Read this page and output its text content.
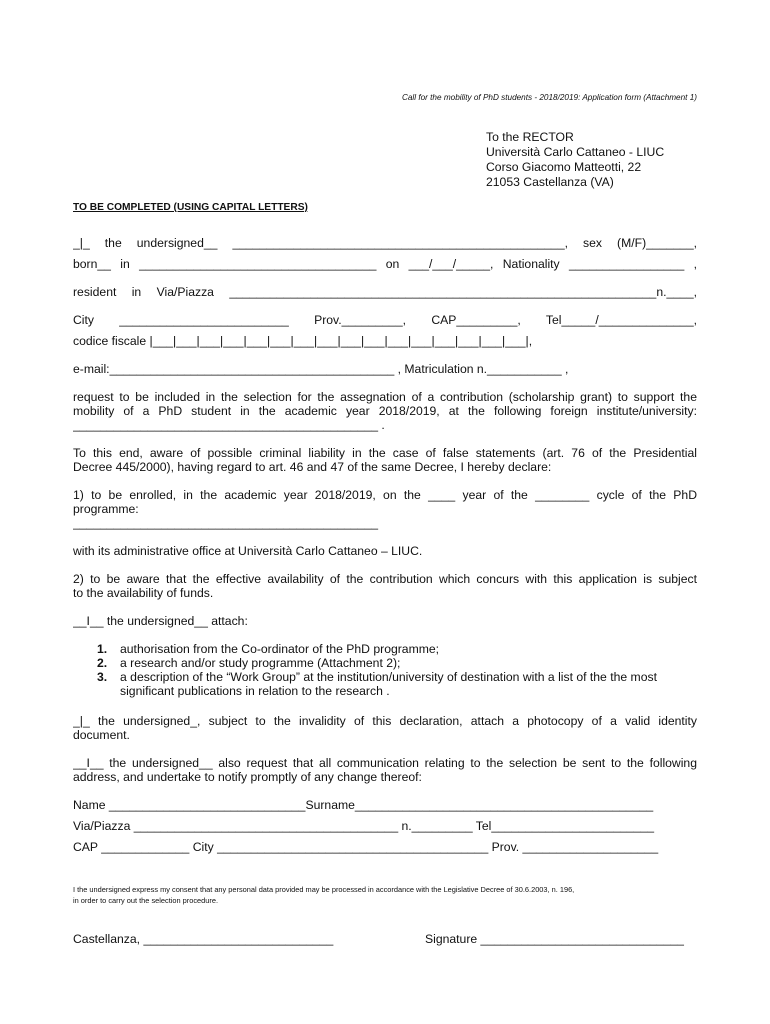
Call for the mobility of PhD students - 2018/2019: Application form (Attachment 1)
To the RECTOR
Università Carlo Cattaneo - LIUC
Corso Giacomo Matteotti, 22
21053 Castellanza (VA)
TO BE COMPLETED (USING CAPITAL LETTERS)
_|_ the undersigned__ _________________________________________________, sex (M/F)_______,
born__ in ___________________________________ on ___/___/_____, Nationality _________________ ,
resident in Via/Piazza _______________________________________________________________n.____,
City _________________________ Prov._________, CAP_________, Tel_____/______________,
codice fiscale |___|___|___|___|___|___|___|___|___|___|___|___|___|___|___|___|,
e-mail:__________________________________________ , Matriculation n.___________ ,
request to be included in the selection for the assegnation of a contribution (scholarship grant) to support the
mobility of a PhD student in the academic year 2018/2019, at the following foreign institute/university:
_____________________________________________ .
To this end, aware of possible criminal liability in the case of false statements (art. 76 of the Presidential
Decree 445/2000), having regard to art. 46 and 47 of the same Decree, I hereby declare:
1) to be enrolled, in the academic year 2018/2019, on the ____ year of the ________ cycle of the PhD
programme:
_____________________________________________
with its administrative office at Università Carlo Cattaneo – LIUC.
2) to be aware that the effective availability of the contribution which concurs with this application is subject
to the availability of funds.
__I__ the undersigned__ attach:
1. authorisation from the Co-ordinator of the PhD programme;
2. a research and/or study programme (Attachment 2);
3. a description of the “Work Group” at the institution/university of destination with a list of the the most significant publications in relation to the research .
_|_ the undersigned_, subject to the invalidity of this declaration, attach a photocopy of a valid identity
document.
__I__ the undersigned__ also request that all communication relating to the selection be sent to the following
address, and undertake to notify promptly of any change thereof:
Name _____________________________Surname____________________________________________
Via/Piazza _______________________________________ n._________ Tel________________________
CAP _____________ City ________________________________________ Prov. ____________________
I the undersigned express my consent that any personal data provided may be processed in accordance with the Legislative Decree of 30.6.2003, n. 196,
in order to carry out the selection procedure.
Castellanza, ____________________________	Signature ______________________________
